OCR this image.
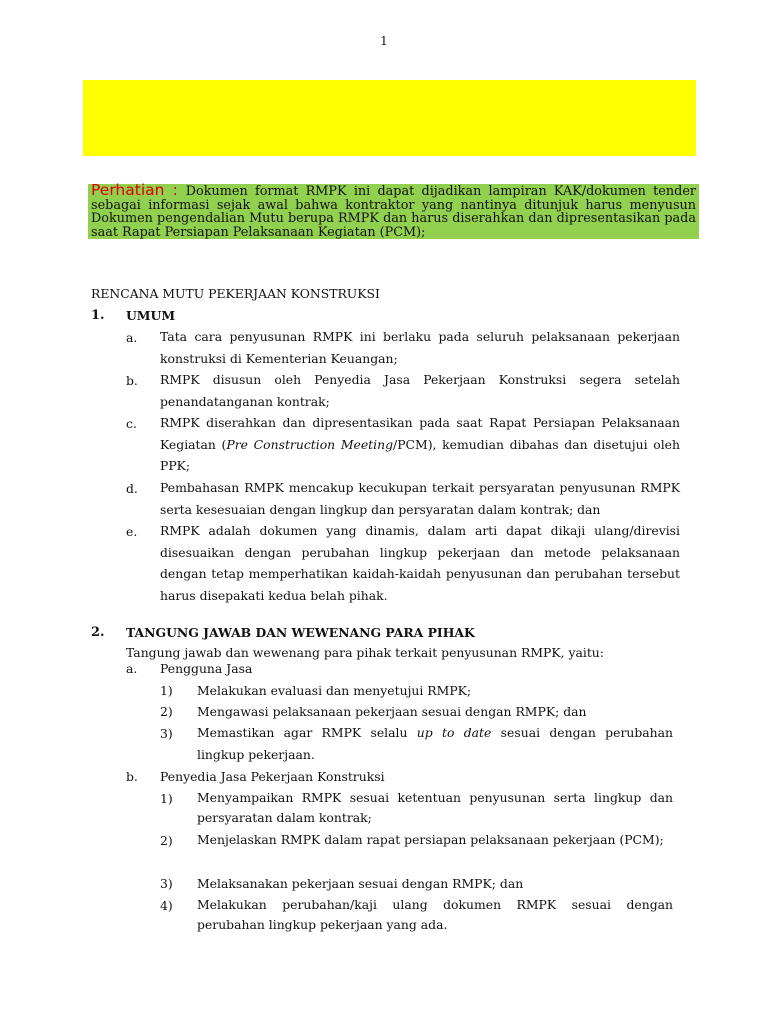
1
Perhatian : Dokumen format RMPK ini dapat dijadikan lampiran KAK/dokumen tender sebagai informasi sejak awal bahwa kontraktor yang nantinya ditunjuk harus menyusun Dokumen pengendalian Mutu berupa RMPK dan harus diserahkan dan dipresentasikan pada saat Rapat Persiapan Pelaksanaan Kegiatan (PCM);
RENCANA MUTU PEKERJAAN KONSTRUKSI
1. UMUM
a. Tata cara penyusunan RMPK ini berlaku pada seluruh pelaksanaan pekerjaan konstruksi di Kementerian Keuangan;
b. RMPK disusun oleh Penyedia Jasa Pekerjaan Konstruksi segera setelah penandatanganan kontrak;
c. RMPK diserahkan dan dipresentasikan pada saat Rapat Persiapan Pelaksanaan Kegiatan (Pre Construction Meeting/PCM), kemudian dibahas dan disetujui oleh PPK;
d. Pembahasan RMPK mencakup kecukupan terkait persyaratan penyusunan RMPK serta kesesuaian dengan lingkup dan persyaratan dalam kontrak; dan
e. RMPK adalah dokumen yang dinamis, dalam arti dapat dikaji ulang/direvisi disesuaikan dengan perubahan lingkup pekerjaan dan metode pelaksanaan dengan tetap memperhatikan kaidah-kaidah penyusunan dan perubahan tersebut harus disepakati kedua belah pihak.
2. TANGUNG JAWAB DAN WEWENANG PARA PIHAK
Tangung jawab dan wewenang para pihak terkait penyusunan RMPK, yaitu:
a. Pengguna Jasa
1) Melakukan evaluasi dan menyetujui RMPK;
2) Mengawasi pelaksanaan pekerjaan sesuai dengan RMPK; dan
3) Memastikan agar RMPK selalu up to date sesuai dengan perubahan lingkup pekerjaan.
b. Penyedia Jasa Pekerjaan Konstruksi
1) Menyampaikan RMPK sesuai ketentuan penyusunan serta lingkup dan persyaratan dalam kontrak;
2) Menjelaskan RMPK dalam rapat persiapan pelaksanaan pekerjaan (PCM);
3) Melaksanakan pekerjaan sesuai dengan RMPK; dan
4) Melakukan perubahan/kaji ulang dokumen RMPK sesuai dengan perubahan lingkup pekerjaan yang ada.
